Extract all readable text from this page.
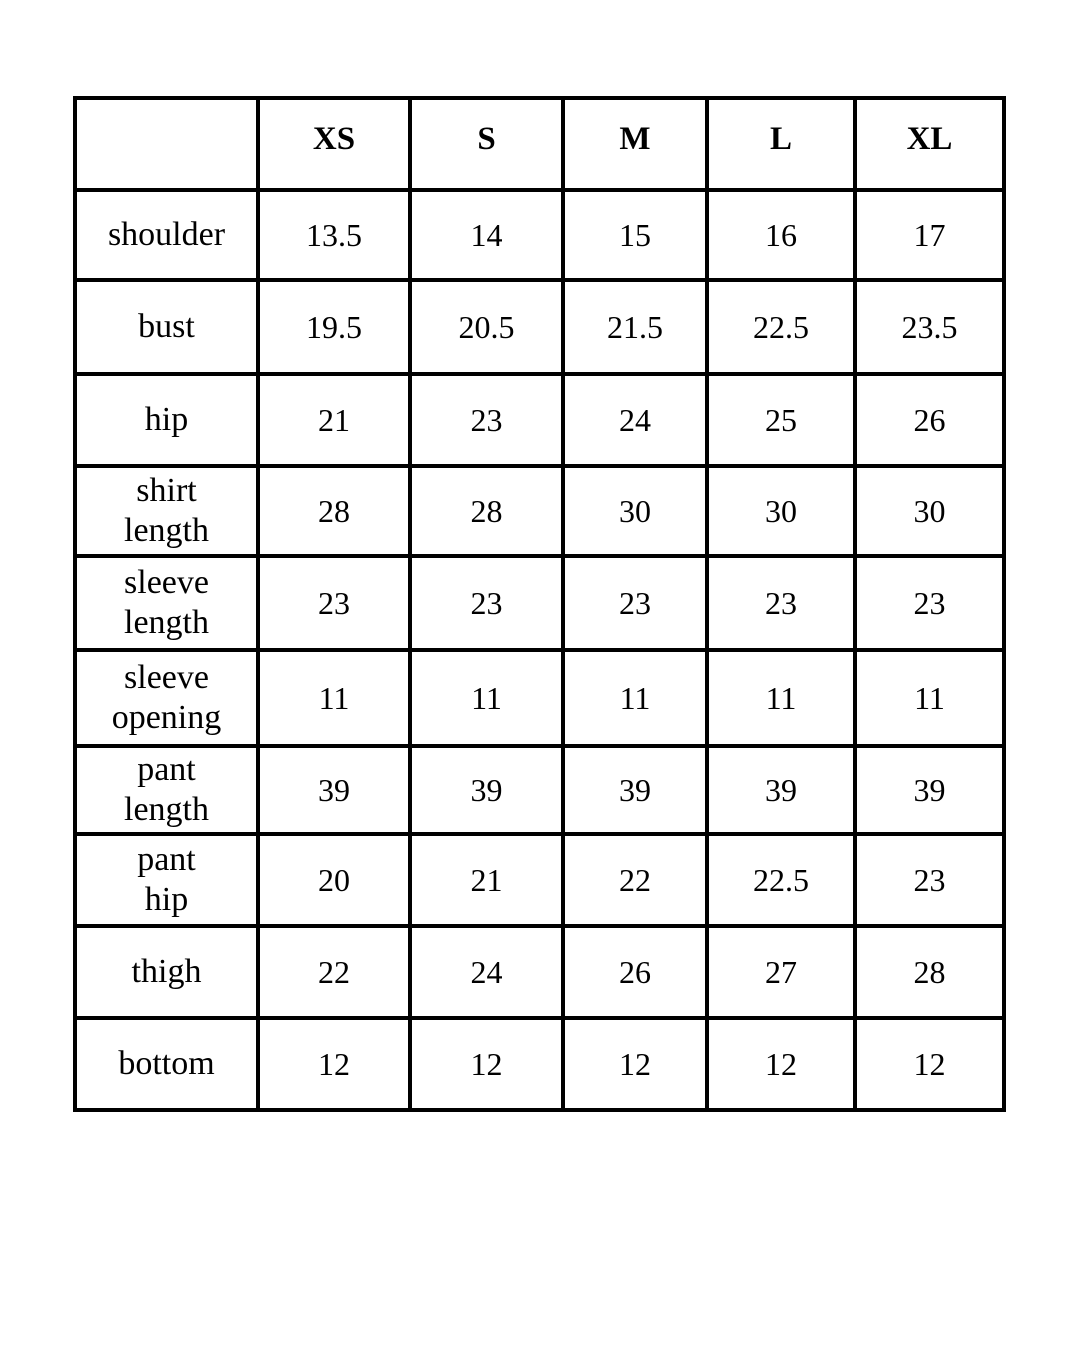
	XS	S	M	L	XL

shoulder	13.5	14	15	16	17

bust	19.5	20.5	21.5	22.5	23.5

hip	21	23	24	25	26

shirt
length	28	28	30	30	30

sleeve
length	23	23	23	23	23

sleeve
opening	11	11	11	11	11

pant
length	39	39	39	39	39

pant
hip	20	21	22	22.5	23

thigh	22	24	26	27	28

bottom	12	12	12	12	12
